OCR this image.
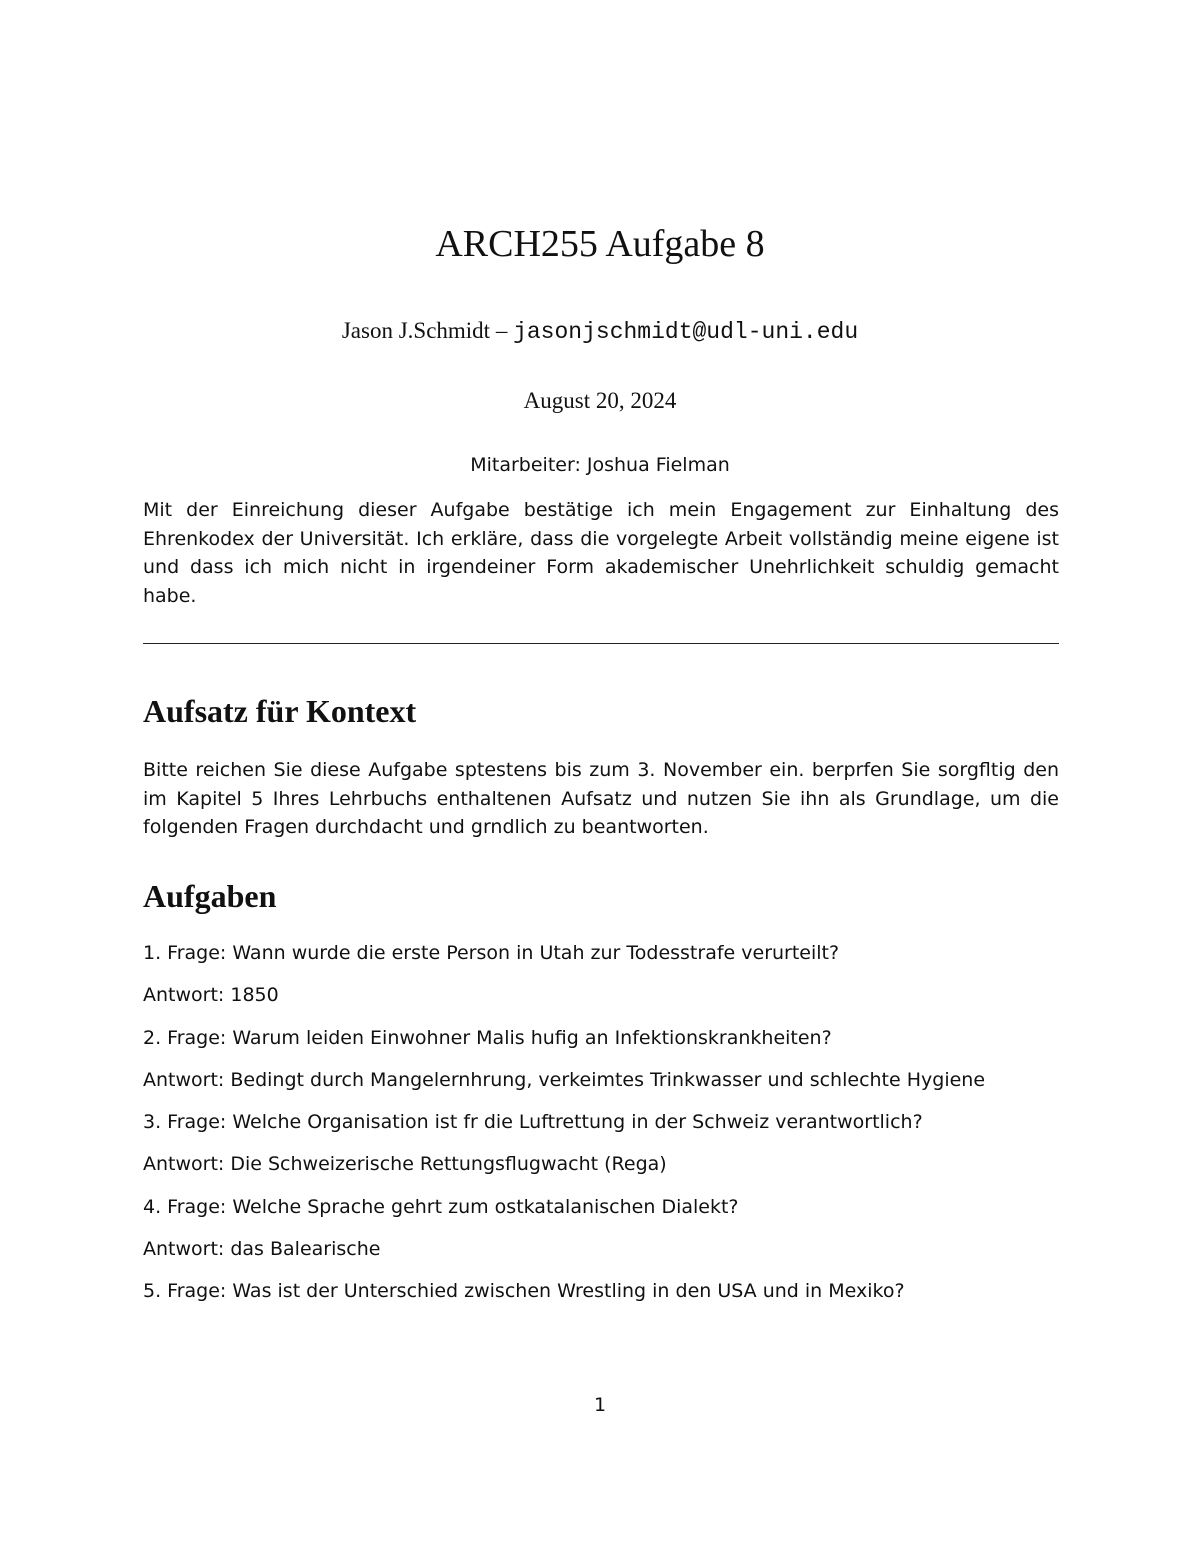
ARCH255 Aufgabe 8
Jason J.Schmidt – jasonjschmidt@udl-uni.edu
August 20, 2024
Mitarbeiter: Joshua Fielman
Mit der Einreichung dieser Aufgabe bestätige ich mein Engagement zur Einhaltung des Ehrenkodex der Universität. Ich erkläre, dass die vorgelegte Arbeit vollständig meine eigene ist und dass ich mich nicht in irgendeiner Form akademischer Unehrlichkeit schuldig gemacht habe.
Aufsatz für Kontext
Bitte reichen Sie diese Aufgabe sptestens bis zum 3. November ein. berprfen Sie sorgfltig den im Kapitel 5 Ihres Lehrbuchs enthaltenen Aufsatz und nutzen Sie ihn als Grundlage, um die folgenden Fragen durchdacht und grndlich zu beantworten.
Aufgaben
1. Frage: Wann wurde die erste Person in Utah zur Todesstrafe verurteilt?
Antwort: 1850
2. Frage: Warum leiden Einwohner Malis hufig an Infektionskrankheiten?
Antwort: Bedingt durch Mangelernhrung, verkeimtes Trinkwasser und schlechte Hygiene
3. Frage: Welche Organisation ist fr die Luftrettung in der Schweiz verantwortlich?
Antwort: Die Schweizerische Rettungsflugwacht (Rega)
4. Frage: Welche Sprache gehrt zum ostkatalanischen Dialekt?
Antwort: das Balearische
5. Frage: Was ist der Unterschied zwischen Wrestling in den USA und in Mexiko?
1
